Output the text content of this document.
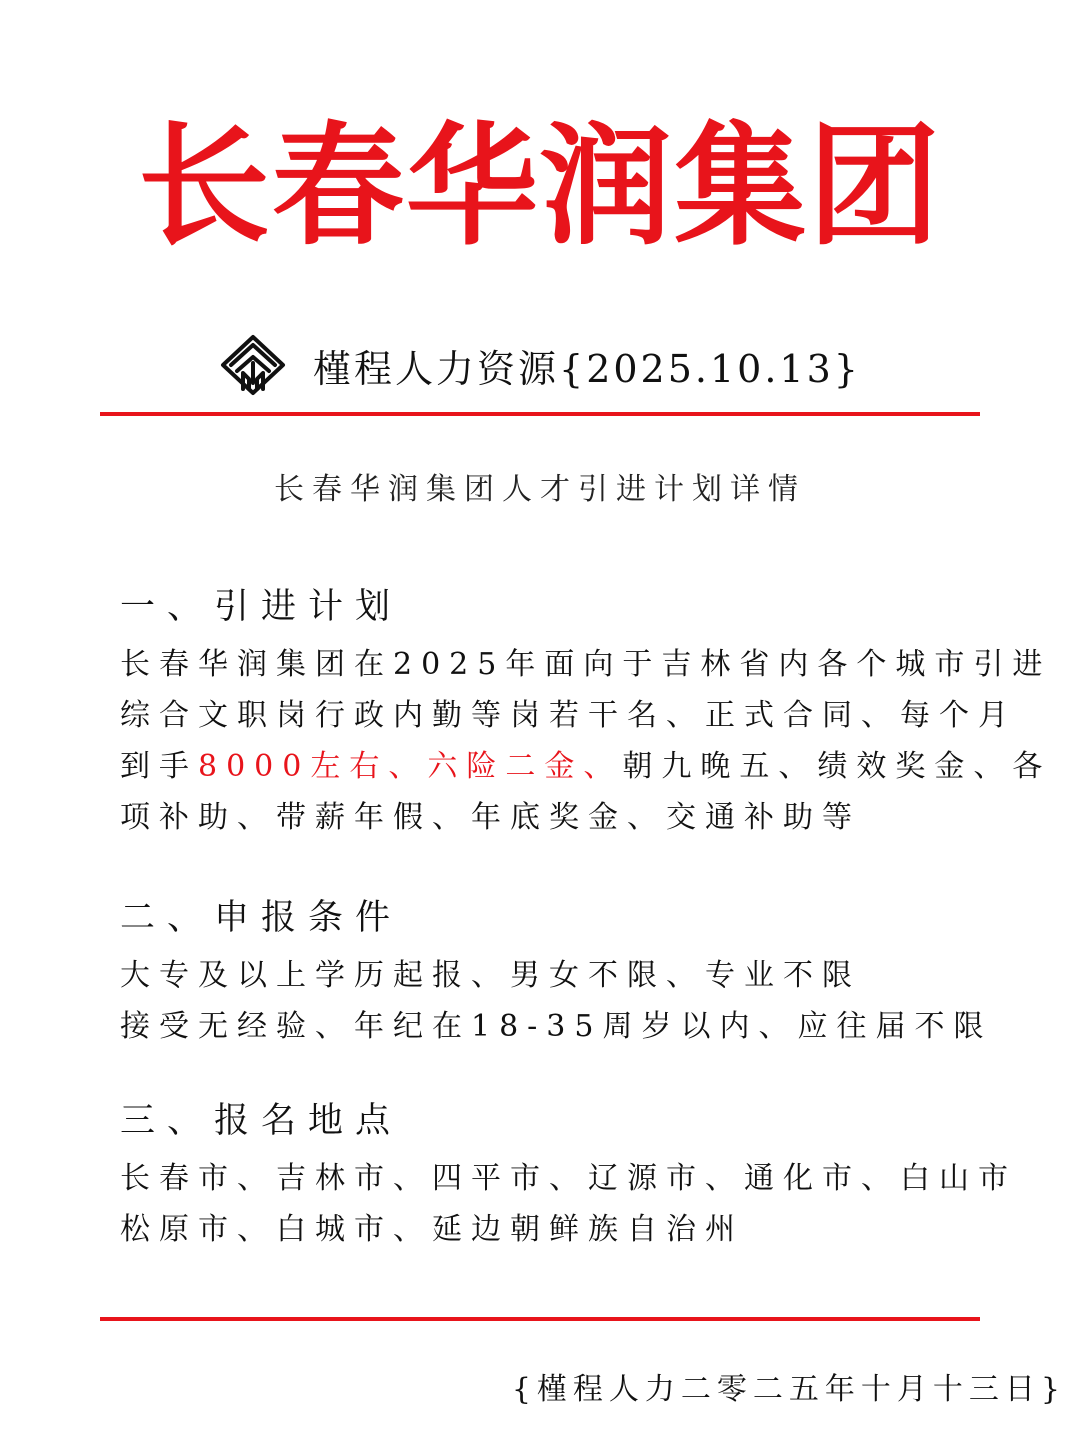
长春华润集团
槿程人力资源{2025.10.13}
长春华润集团人才引进计划详情
一、引进计划
长春华润集团在2025年面向于吉林省内各个城市引进
综合文职岗行政内勤等岗若干名、正式合同、每个月
到手8000左右、六险二金、朝九晚五、绩效奖金、各
项补助、带薪年假、年底奖金、交通补助等
二、申报条件
大专及以上学历起报、男女不限、专业不限
接受无经验、年纪在18-35周岁以内、应往届不限
三、报名地点
长春市、吉林市、四平市、辽源市、通化市、白山市
松原市、白城市、延边朝鲜族自治州
{槿程人力二零二五年十月十三日}
